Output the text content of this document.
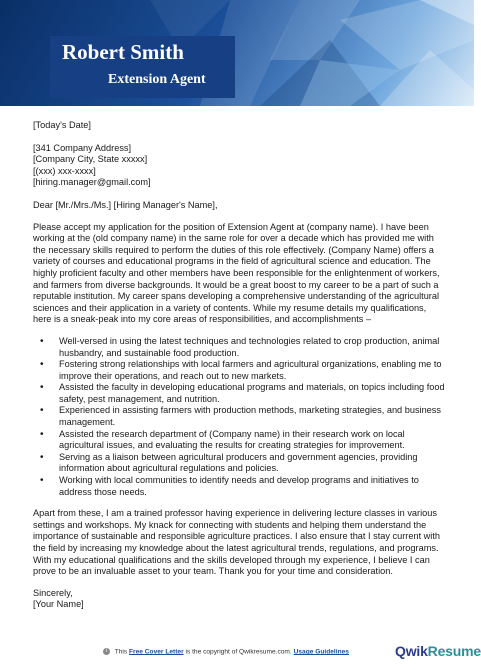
Robert Smith
Extension Agent

[Today's Date]

[341 Company Address]

[Company City, State xxxxx]

[(xxx) xxx-xxxx]

[hiring.manager@gmail.com]

Dear [Mr./Mrs./Ms.] [Hiring Manager's Name],

Please accept my application for the position of Extension Agent at (company name). I have been working at the (old company name) in the same role for over a decade which has provided me with the necessary skills required to perform the duties of this role effectively. (Company Name) offers a variety of courses and educational programs in the field of agricultural science and education. The highly proficient faculty and other members have been responsible for the enlightenment of workers, and farmers from diverse backgrounds. It would be a great boost to my career to be a part of such a reputable institution. My career spans developing a comprehensive understanding of the agricultural sciences and their application in a variety of contents. While my resume details my qualifications, here is a sneak-peak into my core areas of responsibilities, and accomplishments –

• Well-versed in using the latest techniques and technologies related to crop production, animal husbandry, and sustainable food production.
• Fostering strong relationships with local farmers and agricultural organizations, enabling me to improve their operations, and reach out to new markets.
• Assisted the faculty in developing educational programs and materials, on topics including food safety, pest management, and nutrition.
• Experienced in assisting farmers with production methods, marketing strategies, and business management.
• Assisted the research department of (Company name) in their research work on local agricultural issues, and evaluating the results for creating strategies for improvement.
• Serving as a liaison between agricultural producers and government agencies, providing information about agricultural regulations and policies.
• Working with local communities to identify needs and develop programs and initiatives to address those needs.

Apart from these, I am a trained professor having experience in delivering lecture classes in various settings and workshops. My knack for connecting with students and helping them understand the importance of sustainable and responsible agriculture practices. I also ensure that I stay current with the field by increasing my knowledge about the latest agricultural trends, regulations, and programs. With my educational qualifications and the skills developed through my experience, I believe I can prove to be an invaluable asset to your team. Thank you for your time and consideration.

Sincerely,

[Your Name]

i This Free Cover Letter is the copyright of Qwikresume.com. Usage Guidelines	QwikResume
